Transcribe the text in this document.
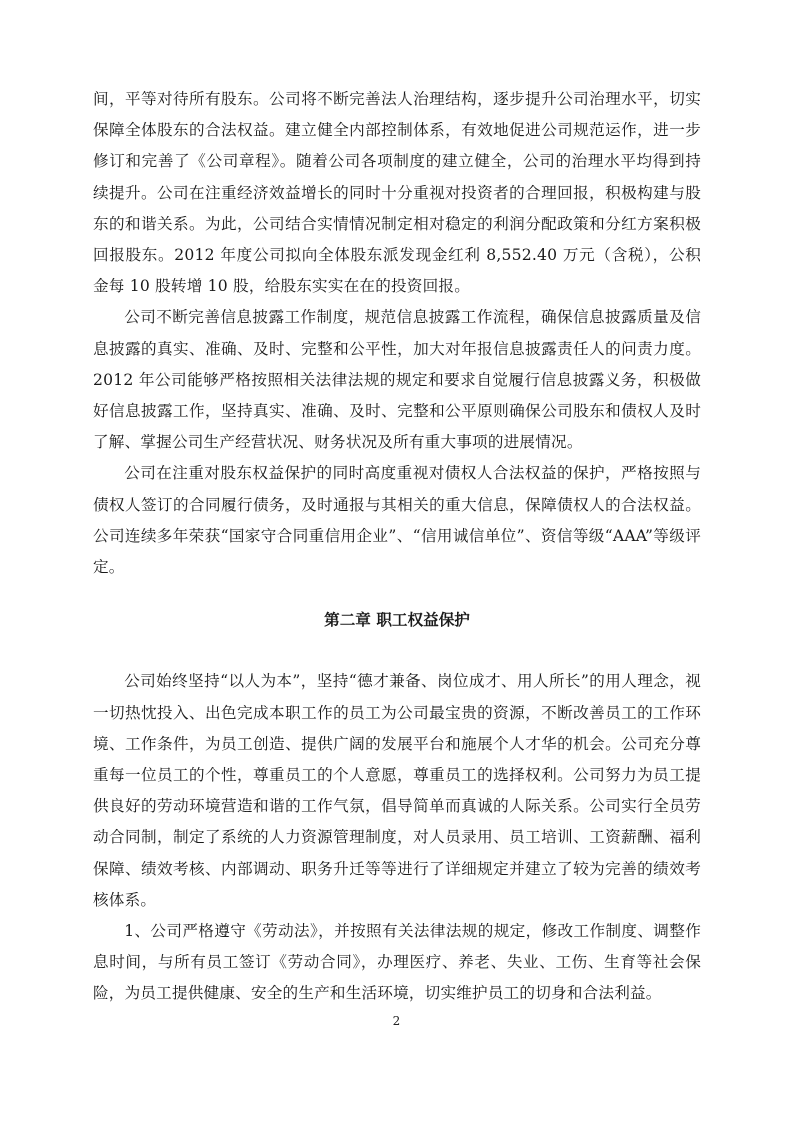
间，平等对待所有股东。公司将不断完善法人治理结构，逐步提升公司治理水平，切实保障全体股东的合法权益。建立健全内部控制体系，有效地促进公司规范运作，进一步修订和完善了《公司章程》。随着公司各项制度的建立健全，公司的治理水平均得到持续提升。公司在注重经济效益增长的同时十分重视对投资者的合理回报，积极构建与股东的和谐关系。为此，公司结合实情情况制定相对稳定的利润分配政策和分红方案积极回报股东。2012 年度公司拟向全体股东派发现金红利 8,552.40 万元（含税），公积金每 10 股转增 10 股，给股东实实在在的投资回报。

公司不断完善信息披露工作制度，规范信息披露工作流程，确保信息披露质量及信息披露的真实、准确、及时、完整和公平性，加大对年报信息披露责任人的问责力度。2012 年公司能够严格按照相关法律法规的规定和要求自觉履行信息披露义务，积极做好信息披露工作，坚持真实、准确、及时、完整和公平原则确保公司股东和债权人及时了解、掌握公司生产经营状况、财务状况及所有重大事项的进展情况。

公司在注重对股东权益保护的同时高度重视对债权人合法权益的保护，严格按照与债权人签订的合同履行债务，及时通报与其相关的重大信息，保障债权人的合法权益。公司连续多年荣获“国家守合同重信用企业”、“信用诚信单位”、资信等级“AAA”等级评定。

第二章 职工权益保护

公司始终坚持“以人为本”，坚持“德才兼备、岗位成才、用人所长”的用人理念，视一切热忱投入、出色完成本职工作的员工为公司最宝贵的资源，不断改善员工的工作环境、工作条件，为员工创造、提供广阔的发展平台和施展个人才华的机会。公司充分尊重每一位员工的个性，尊重员工的个人意愿，尊重员工的选择权利。公司努力为员工提供良好的劳动环境营造和谐的工作气氛，倡导简单而真诚的人际关系。公司实行全员劳动合同制，制定了系统的人力资源管理制度，对人员录用、员工培训、工资薪酬、福利保障、绩效考核、内部调动、职务升迁等等进行了详细规定并建立了较为完善的绩效考核体系。

1、公司严格遵守《劳动法》，并按照有关法律法规的规定，修改工作制度、调整作息时间，与所有员工签订《劳动合同》，办理医疗、养老、失业、工伤、生育等社会保险，为员工提供健康、安全的生产和生活环境，切实维护员工的切身和合法利益。

2
